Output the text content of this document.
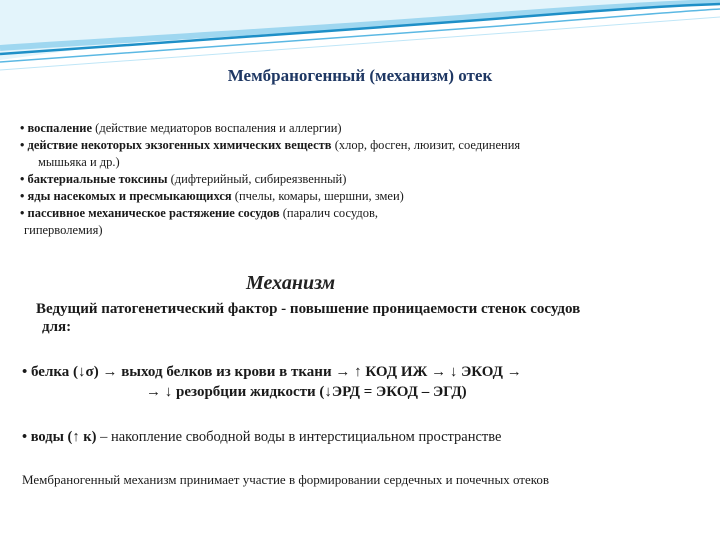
Мембраногенный (механизм) отек
• воспаление (действие медиаторов воспаления и аллергии)
• действие некоторых экзогенных химических веществ (хлор, фосген, люизит, соединения
мышьяка и др.)
• бактериальные токсины (дифтерийный, сибиреязвенный)
• яды насекомых и пресмыкающихся (пчелы, комары, шершни, змеи)
• пассивное механическое растяжение сосудов (паралич сосудов,
гиперволемия)
Механизм
Ведущий патогенетический фактор - повышение проницаемости стенок сосудов
для:
• белка (↓σ) → выход белков из крови в ткани → ↑ КОД ИЖ → ↓ ЭКОД →
→ ↓ резорбции жидкости (↓ЭРД = ЭКОД – ЭГД)
• воды (↑ к) – накопление свободной воды в интерстициальном пространстве
Мембраногенный механизм принимает участие в формировании сердечных и почечных отеков
